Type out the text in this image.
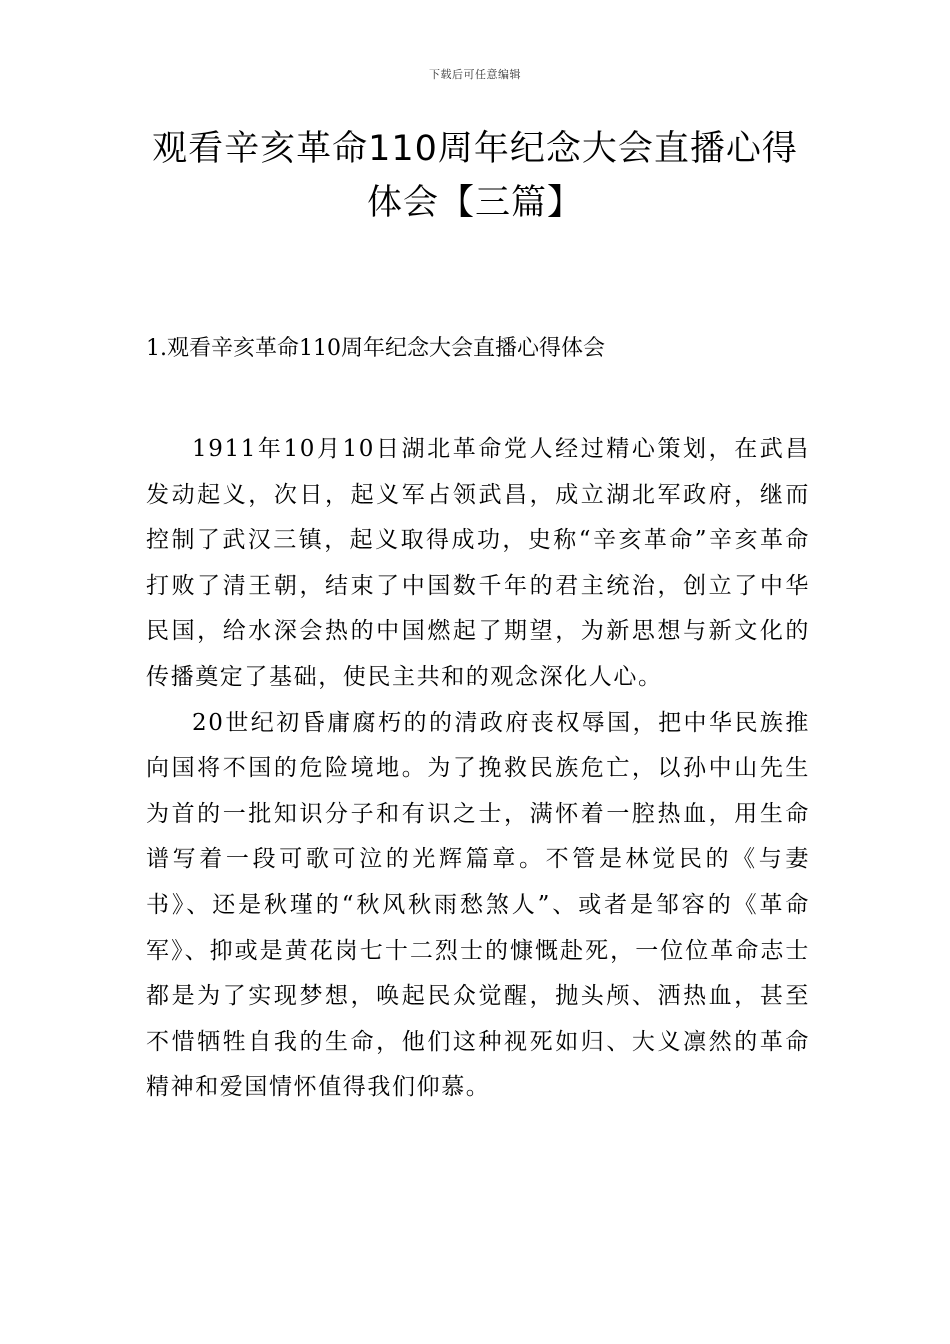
下载后可任意编辑
观看辛亥革命110周年纪念大会直播心得
体会【三篇】
1.观看辛亥革命110周年纪念大会直播心得体会

1911年10月10日湖北革命党人经过精心策划，在武昌发动起义，次日，起义军占领武昌，成立湖北军政府，继而控制了武汉三镇，起义取得成功，史称“辛亥革命”辛亥革命打败了清王朝，结束了中国数千年的君主统治，创立了中华民国，给水深会热的中国燃起了期望，为新思想与新文化的传播奠定了基础，使民主共和的观念深化人心。

20世纪初昏庸腐朽的的清政府丧权辱国，把中华民族推向国将不国的危险境地。为了挽救民族危亡，以孙中山先生为首的一批知识分子和有识之士，满怀着一腔热血，用生命谱写着一段可歌可泣的光辉篇章。不管是林觉民的《与妻书》、还是秋瑾的“秋风秋雨愁煞人”、或者是邹容的《革命军》、抑或是黄花岗七十二烈士的慷慨赴死，一位位革命志士都是为了实现梦想，唤起民众觉醒，抛头颅、洒热血，甚至不惜牺牲自我的生命，他们这种视死如归、大义凛然的革命精神和爱国情怀值得我们仰慕。
